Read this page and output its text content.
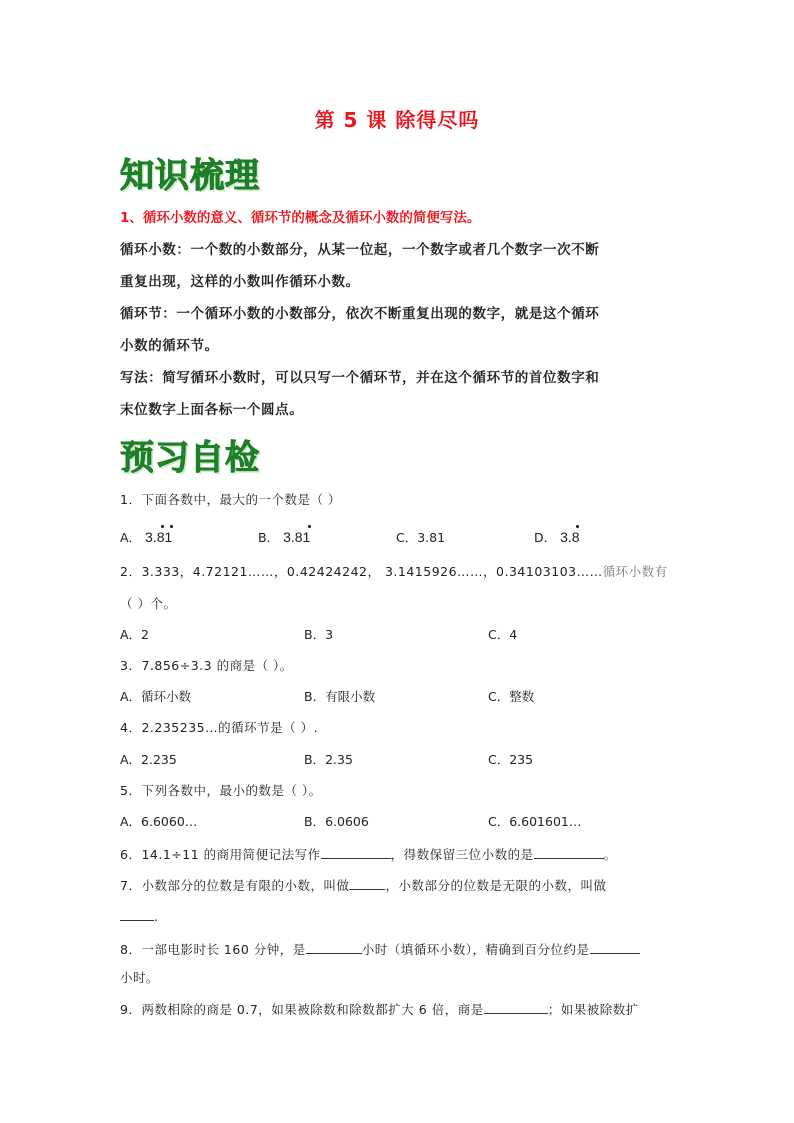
第 5 课 除得尽吗
知识梳理
1、循环小数的意义、循环节的概念及循环小数的简便写法。
循环小数：一个数的小数部分，从某一位起，一个数字或者几个数字一次不断
重复出现，这样的小数叫作循环小数。
循环节：一个循环小数的小数部分，依次不断重复出现的数字，就是这个循环
小数的循环节。
写法：简写循环小数时，可以只写一个循环节，并在这个循环节的首位数字和
末位数字上面各标一个圆点。
预习自检
1．下面各数中，最大的一个数是（ ）
A． 3.81	B． 3.81	C．3.81	D． 3.8
2．3.333，4.72121……，0.42424242， 3.1415926……，0.34103103……循环小数有
（ ）个。
A．2	B．3	C．4
3．7.856÷3.3 的商是（ ）。
A．循环小数	B．有限小数	C．整数
4．2.235235…的循环节是（ ）.
A．2.235	B．2.35	C．235
5．下列各数中，最小的数是（ ）。
A．6.6060…	B．6.0606	C．6.601601…
6．14.1÷11 的商用简便记法写作	，得数保留三位小数的是	。
7．小数部分的位数是有限的小数，叫做	，小数部分的位数是无限的小数，叫做
.
8．一部电影时长 160 分钟，是	小时（填循环小数），精确到百分位约是
小时。
9．两数相除的商是 0.7，如果被除数和除数都扩大 6 倍，商是	；如果被除数扩
